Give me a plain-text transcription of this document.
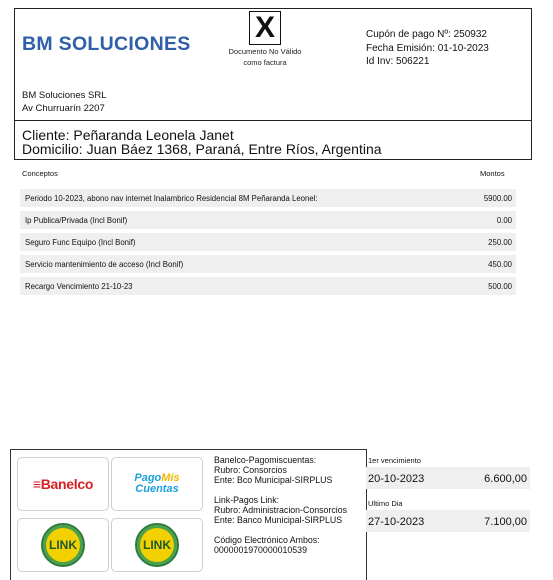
BM SOLUCIONES X
Documento No Válido
como factura
Cupón de pago Nº: 250932
Fecha Emisión: 01-10-2023
Id Inv: 506221
BM Soluciones SRL
Av Churruarín 2207
Cliente: Peñaranda Leonela Janet
Domicilio: Juan Báez 1368, Paraná, Entre Ríos, Argentina
Conceptos	Montos
Periodo 10-2023, abono nav internet Inalambrico Residencial 8M Peñaranda Leonel:	5900.00
Ip Publica/Privada (Incl Bonif)	0.00
Seguro Func Equipo (Incl Bonif)	250.00
Servicio mantenimiento de acceso (Incl Bonif)	450.00
Recargo Vencimiento 21-10-23	500.00
≡Banelco	PagoMis
Cuentas
LINK	LINK
Banelco-Pagomiscuentas:
Rubro: Consorcios
Ente: Bco Municipal-SIRPLUS

Link-Pagos Link:
Rubro: Administracion-Consorcios
Ente: Banco Municipal-SIRPLUS

Código Electrónico Ambos:
0000001970000010539
1er vencimiento
20-10-2023	6.600,00
Ultimo Dia
27-10-2023	7.100,00
